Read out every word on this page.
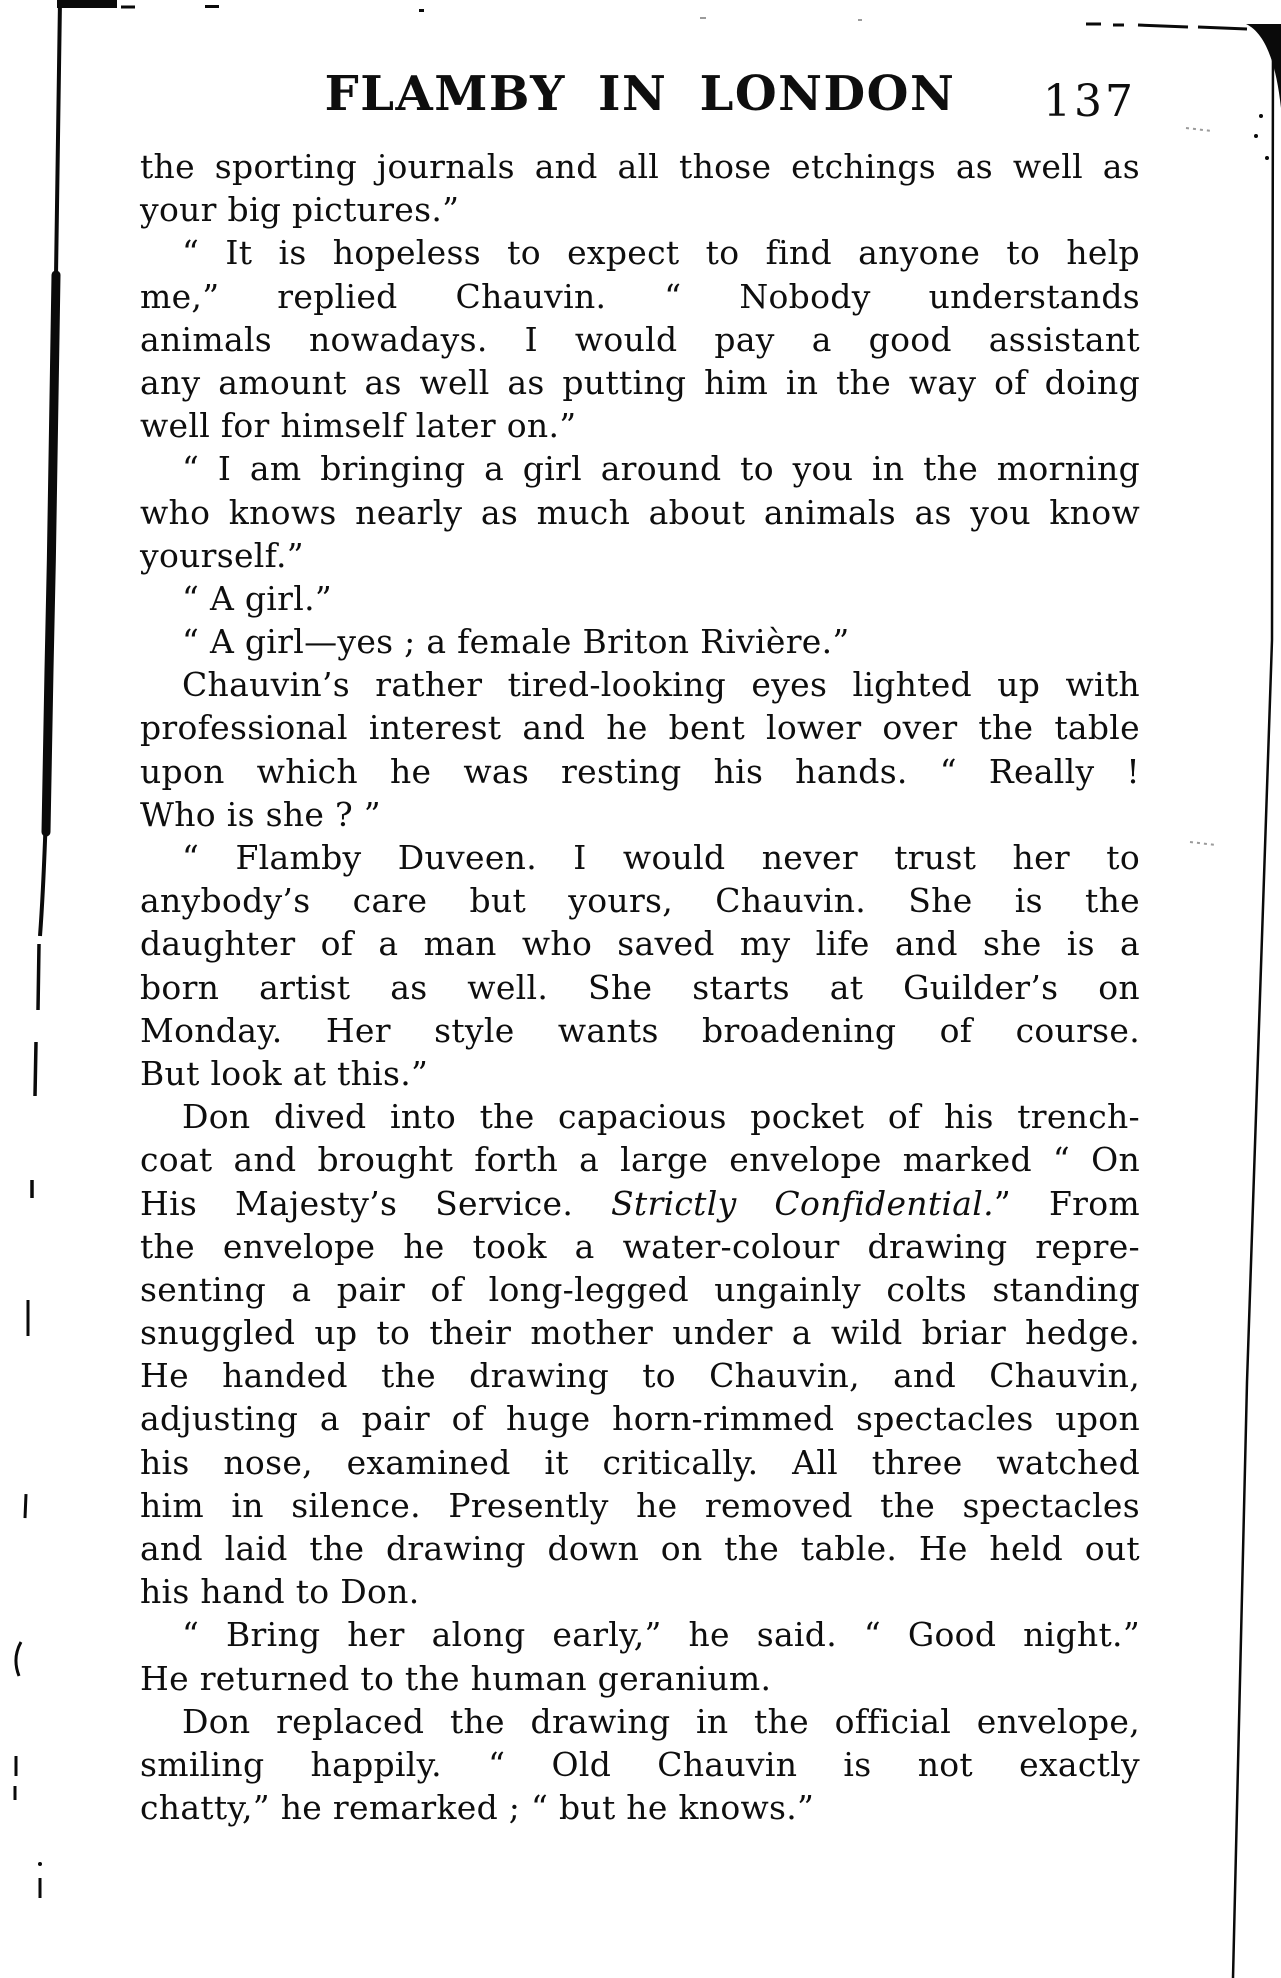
FLAMBY IN LONDON 137
the sporting journals and all those etchings as well as
your big pictures.”
“ It is hopeless to expect to find anyone to help
me,” replied Chauvin. “ Nobody understands
animals nowadays. I would pay a good assistant
any amount as well as putting him in the way of doing
well for himself later on.”
“ I am bringing a girl around to you in the morning
who knows nearly as much about animals as you know
yourself.”
“ A girl.”
“ A girl—yes ; a female Briton Rivière.”
Chauvin’s rather tired-looking eyes lighted up with
professional interest and he bent lower over the table
upon which he was resting his hands. “ Really !
Who is she ? ”
“ Flamby Duveen. I would never trust her to
anybody’s care but yours, Chauvin. She is the
daughter of a man who saved my life and she is a
born artist as well. She starts at Guilder’s on
Monday. Her style wants broadening of course.
But look at this.”
Don dived into the capacious pocket of his trench-
coat and brought forth a large envelope marked “ On
His Majesty’s Service. Strictly Confidential.” From
the envelope he took a water-colour drawing repre-
senting a pair of long-legged ungainly colts standing
snuggled up to their mother under a wild briar hedge.
He handed the drawing to Chauvin, and Chauvin,
adjusting a pair of huge horn-rimmed spectacles upon
his nose, examined it critically. All three watched
him in silence. Presently he removed the spectacles
and laid the drawing down on the table. He held out
his hand to Don.
“ Bring her along early,” he said. “ Good night.”
He returned to the human geranium.
Don replaced the drawing in the official envelope,
smiling happily. “ Old Chauvin is not exactly
chatty,” he remarked ; “ but he knows.”
